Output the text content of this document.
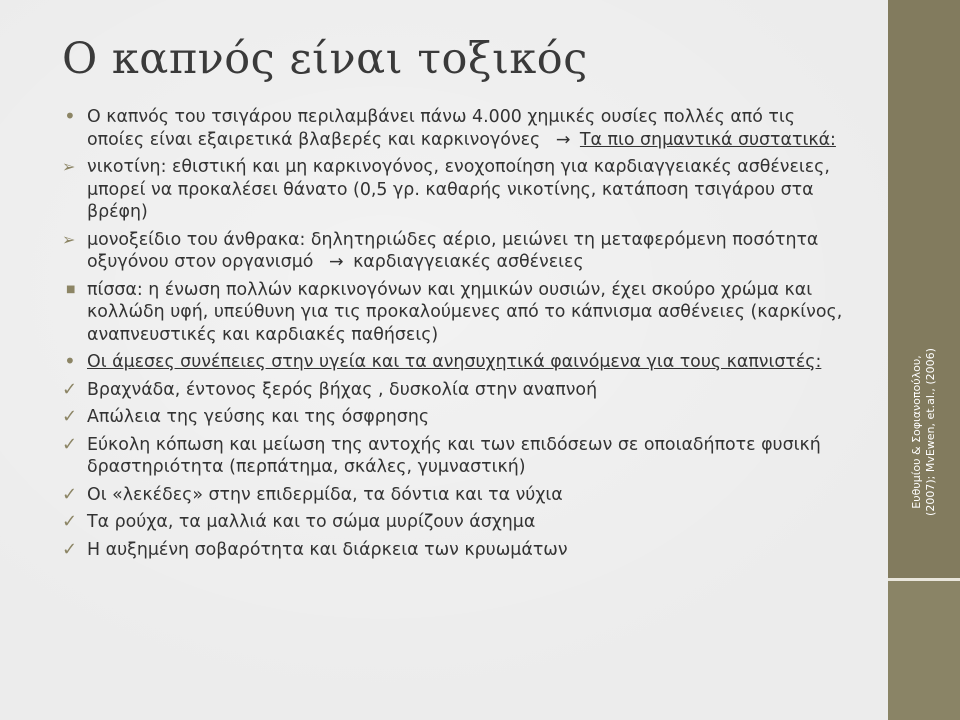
Ο καπνός είναι τοξικός
• Ο καπνός του τσιγάρου περιλαμβάνει πάνω 4.000 χημικές ουσίες πολλές από τις οποίες είναι εξαιρετικά βλαβερές και καρκινογόνες → Τα πιο σημαντικά συστατικά:
➢ νικοτίνη: εθιστική και μη καρκινογόνος, ενοχοποίηση για καρδιαγγειακές ασθένειες, μπορεί να προκαλέσει θάνατο (0,5 γρ. καθαρής νικοτίνης, κατάποση τσιγάρου στα βρέφη)
➢ μονοξείδιο του άνθρακα: δηλητηριώδες αέριο, μειώνει τη μεταφερόμενη ποσότητα οξυγόνου στον οργανισμό → καρδιαγγειακές ασθένειες
■ πίσσα: η ένωση πολλών καρκινογόνων και χημικών ουσιών, έχει σκούρο χρώμα και κολλώδη υφή, υπεύθυνη για τις προκαλούμενες από το κάπνισμα ασθένειες (καρκίνος, αναπνευστικές και καρδιακές παθήσεις)
• Οι άμεσες συνέπειες στην υγεία και τα ανησυχητικά φαινόμενα για τους καπνιστές:
✓ Βραχνάδα, έντονος ξερός βήχας , δυσκολία στην αναπνοή
✓ Απώλεια της γεύσης και της όσφρησης
✓ Εύκολη κόπωση και μείωση της αντοχής και των επιδόσεων σε οποιαδήποτε φυσική δραστηριότητα (περπάτημα, σκάλες, γυμναστική)
✓ Οι «λεκέδες» στην επιδερμίδα, τα δόντια και τα νύχια
✓ Τα ρούχα, τα μαλλιά και το σώμα μυρίζουν άσχημα
✓ Η αυξημένη σοβαρότητα και διάρκεια των κρυωμάτων
Ευθυμίου & Σοφιανοπούλου, (2007); MvEwen, et.al., (2006)
